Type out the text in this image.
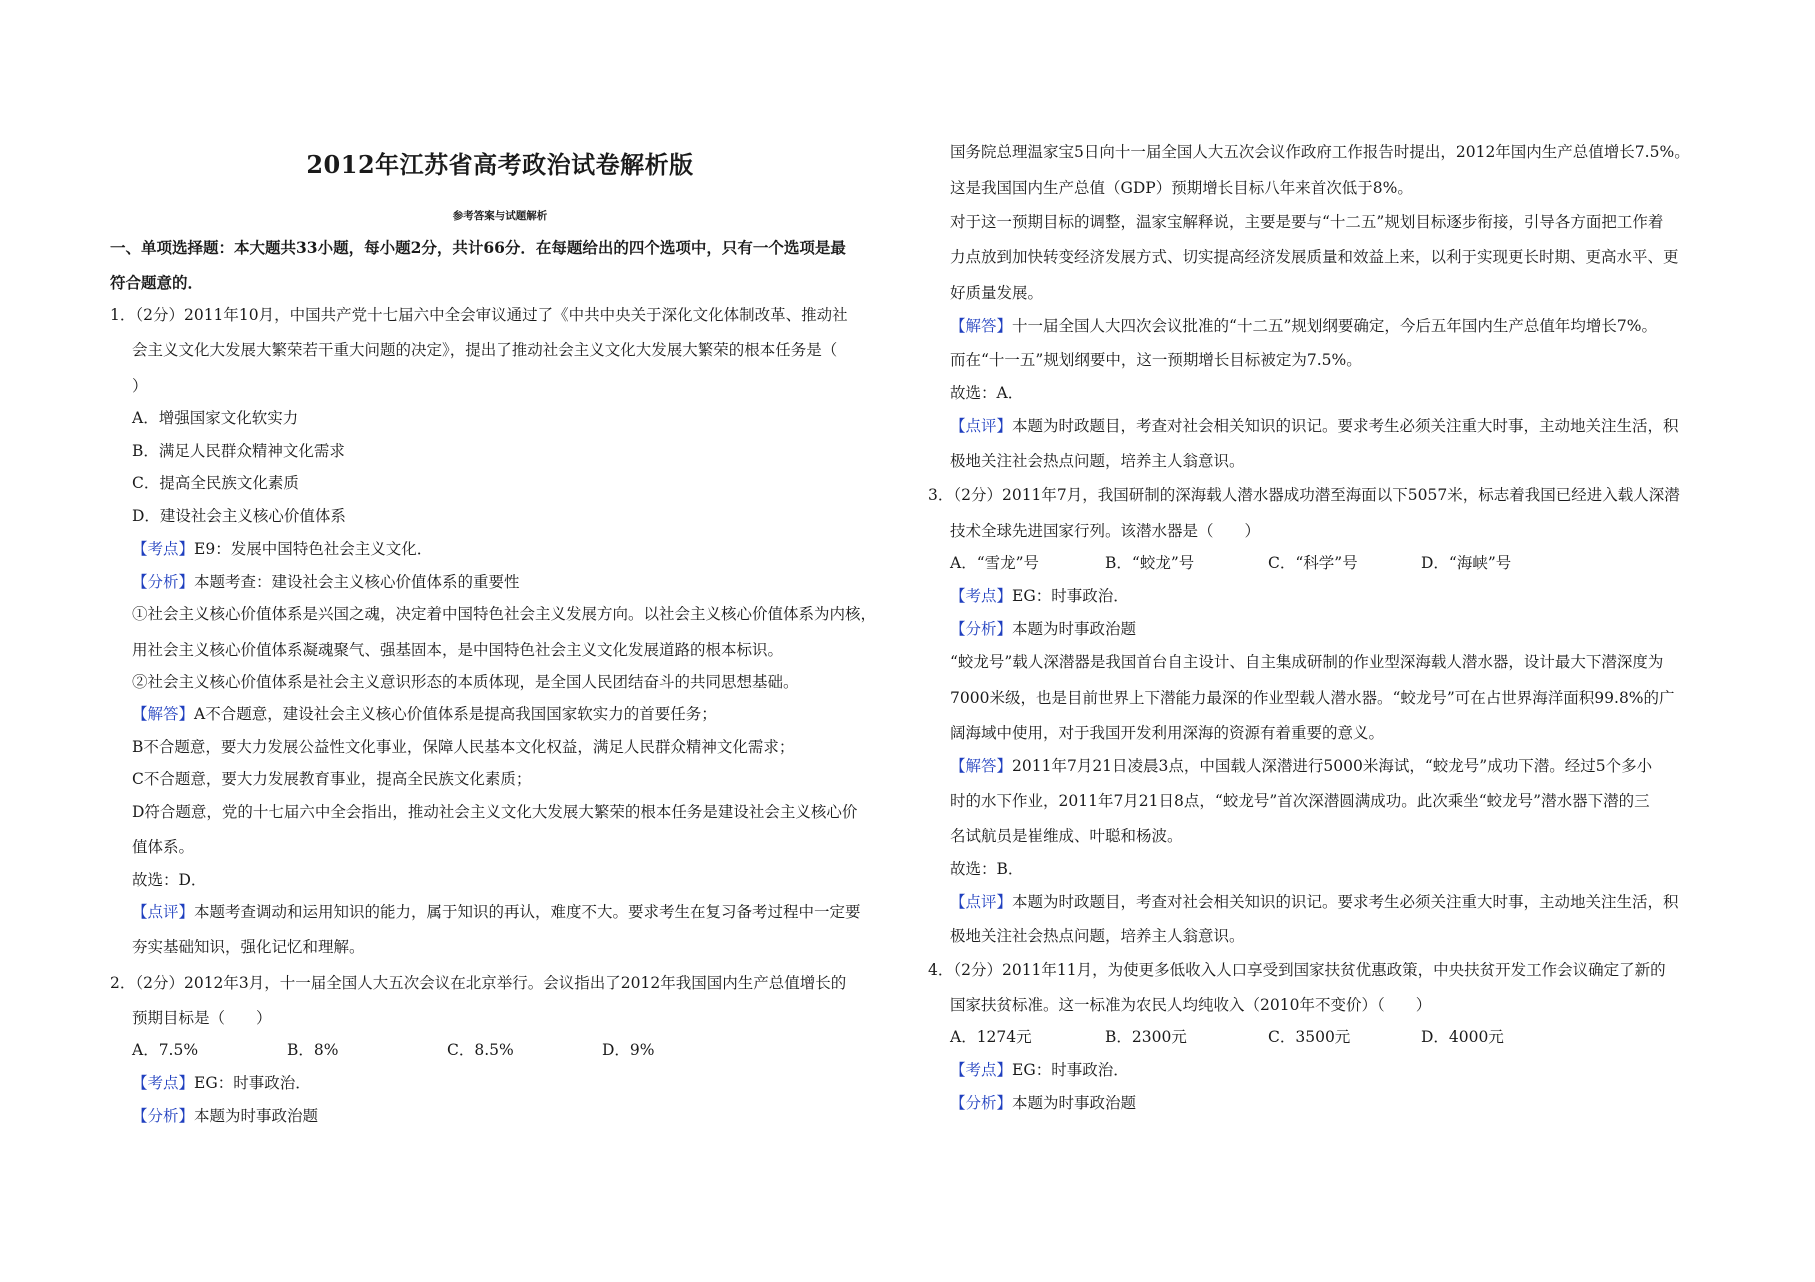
2012年江苏省高考政治试卷解析版

参考答案与试题解析

一、单项选择题：本大题共33小题，每小题2分，共计66分．在每题给出的四个选项中，只有一个选项是最
符合题意的．
1．（2分）2011年10月，中国共产党十七届六中全会审议通过了《中共中央关于深化文化体制改革、推动社
会主义文化大发展大繁荣若干重大问题的决定》，提出了推动社会主义文化大发展大繁荣的根本任务是（
）
A．增强国家文化软实力
B．满足人民群众精神文化需求
C．提高全民族文化素质
D．建设社会主义核心价值体系
【考点】E9：发展中国特色社会主义文化．
【分析】本题考查：建设社会主义核心价值体系的重要性
①社会主义核心价值体系是兴国之魂，决定着中国特色社会主义发展方向。以社会主义核心价值体系为内核，
用社会主义核心价值体系凝魂聚气、强基固本，是中国特色社会主义文化发展道路的根本标识。
②社会主义核心价值体系是社会主义意识形态的本质体现，是全国人民团结奋斗的共同思想基础。
【解答】A不合题意，建设社会主义核心价值体系是提高我国国家软实力的首要任务；
B不合题意，要大力发展公益性文化事业，保障人民基本文化权益，满足人民群众精神文化需求；
C不合题意，要大力发展教育事业，提高全民族文化素质；
D符合题意，党的十七届六中全会指出，推动社会主义文化大发展大繁荣的根本任务是建设社会主义核心价
值体系。
故选：D．
【点评】本题考查调动和运用知识的能力，属于知识的再认，难度不大。要求考生在复习备考过程中一定要
夯实基础知识，强化记忆和理解。
2．（2分）2012年3月，十一届全国人大五次会议在北京举行。会议指出了2012年我国国内生产总值增长的
预期目标是（　　）
A．7.5%	B．8%	C．8.5%	D．9%
【考点】EG：时事政治．
【分析】本题为时事政治题
国务院总理温家宝5日向十一届全国人大五次会议作政府工作报告时提出，2012年国内生产总值增长7.5%。
这是我国国内生产总值（GDP）预期增长目标八年来首次低于8%。
对于这一预期目标的调整，温家宝解释说，主要是要与“十二五”规划目标逐步衔接，引导各方面把工作着
力点放到加快转变经济发展方式、切实提高经济发展质量和效益上来，以利于实现更长时期、更高水平、更
好质量发展。
【解答】十一届全国人大四次会议批准的“十二五”规划纲要确定，今后五年国内生产总值年均增长7%。
而在“十一五”规划纲要中，这一预期增长目标被定为7.5%。
故选：A．
【点评】本题为时政题目，考查对社会相关知识的识记。要求考生必须关注重大时事，主动地关注生活，积
极地关注社会热点问题，培养主人翁意识。
3．（2分）2011年7月，我国研制的深海载人潜水器成功潜至海面以下5057米，标志着我国已经进入载人深潜
技术全球先进国家行列。该潜水器是（　　）
A．“雪龙”号	B．“蛟龙”号	C．“科学”号	D．“海峡”号
【考点】EG：时事政治．
【分析】本题为时事政治题
“蛟龙号”载人深潜器是我国首台自主设计、自主集成研制的作业型深海载人潜水器，设计最大下潜深度为
7000米级，也是目前世界上下潜能力最深的作业型载人潜水器。“蛟龙号”可在占世界海洋面积99.8%的广
阔海域中使用，对于我国开发利用深海的资源有着重要的意义。
【解答】2011年7月21日凌晨3点，中国载人深潜进行5000米海试，“蛟龙号”成功下潜。经过5个多小
时的水下作业，2011年7月21日8点，“蛟龙号”首次深潜圆满成功。此次乘坐“蛟龙号”潜水器下潜的三
名试航员是崔维成、叶聪和杨波。
故选：B．
【点评】本题为时政题目，考查对社会相关知识的识记。要求考生必须关注重大时事，主动地关注生活，积
极地关注社会热点问题，培养主人翁意识。
4．（2分）2011年11月，为使更多低收入人口享受到国家扶贫优惠政策，中央扶贫开发工作会议确定了新的
国家扶贫标准。这一标准为农民人均纯收入（2010年不变价）（　　）
A．1274元	B．2300元	C．3500元	D．4000元
【考点】EG：时事政治．
【分析】本题为时事政治题
